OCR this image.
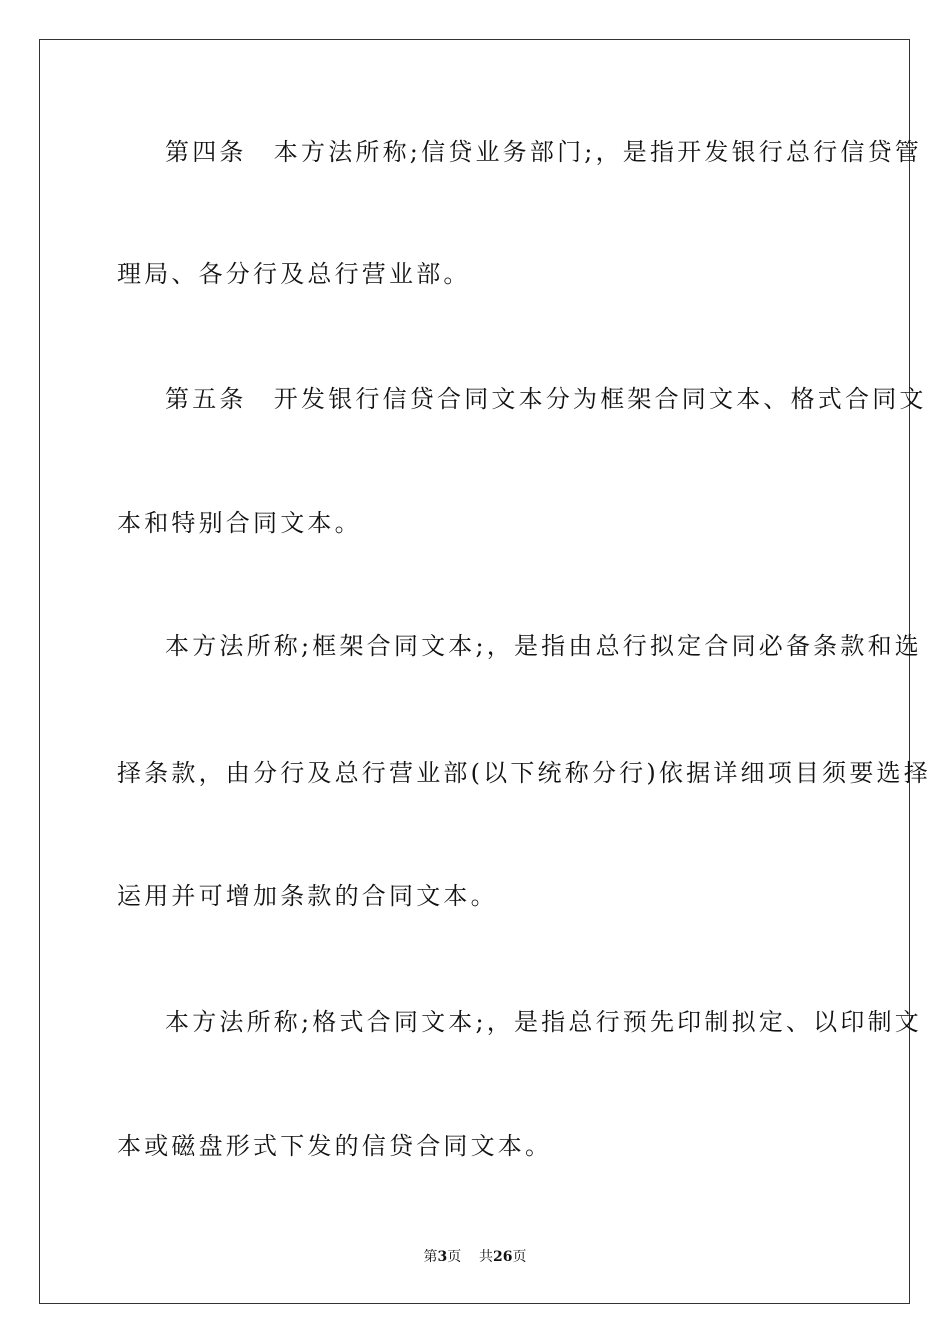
第四条　本方法所称;信贷业务部门;，是指开发银行总行信贷管
理局、各分行及总行营业部。
第五条　开发银行信贷合同文本分为框架合同文本、格式合同文
本和特别合同文本。
本方法所称;框架合同文本;，是指由总行拟定合同必备条款和选
择条款，由分行及总行营业部(以下统称分行)依据详细项目须要选择
运用并可增加条款的合同文本。
本方法所称;格式合同文本;，是指总行预先印制拟定、以印制文
本或磁盘形式下发的信贷合同文本。
第3页 共26页
